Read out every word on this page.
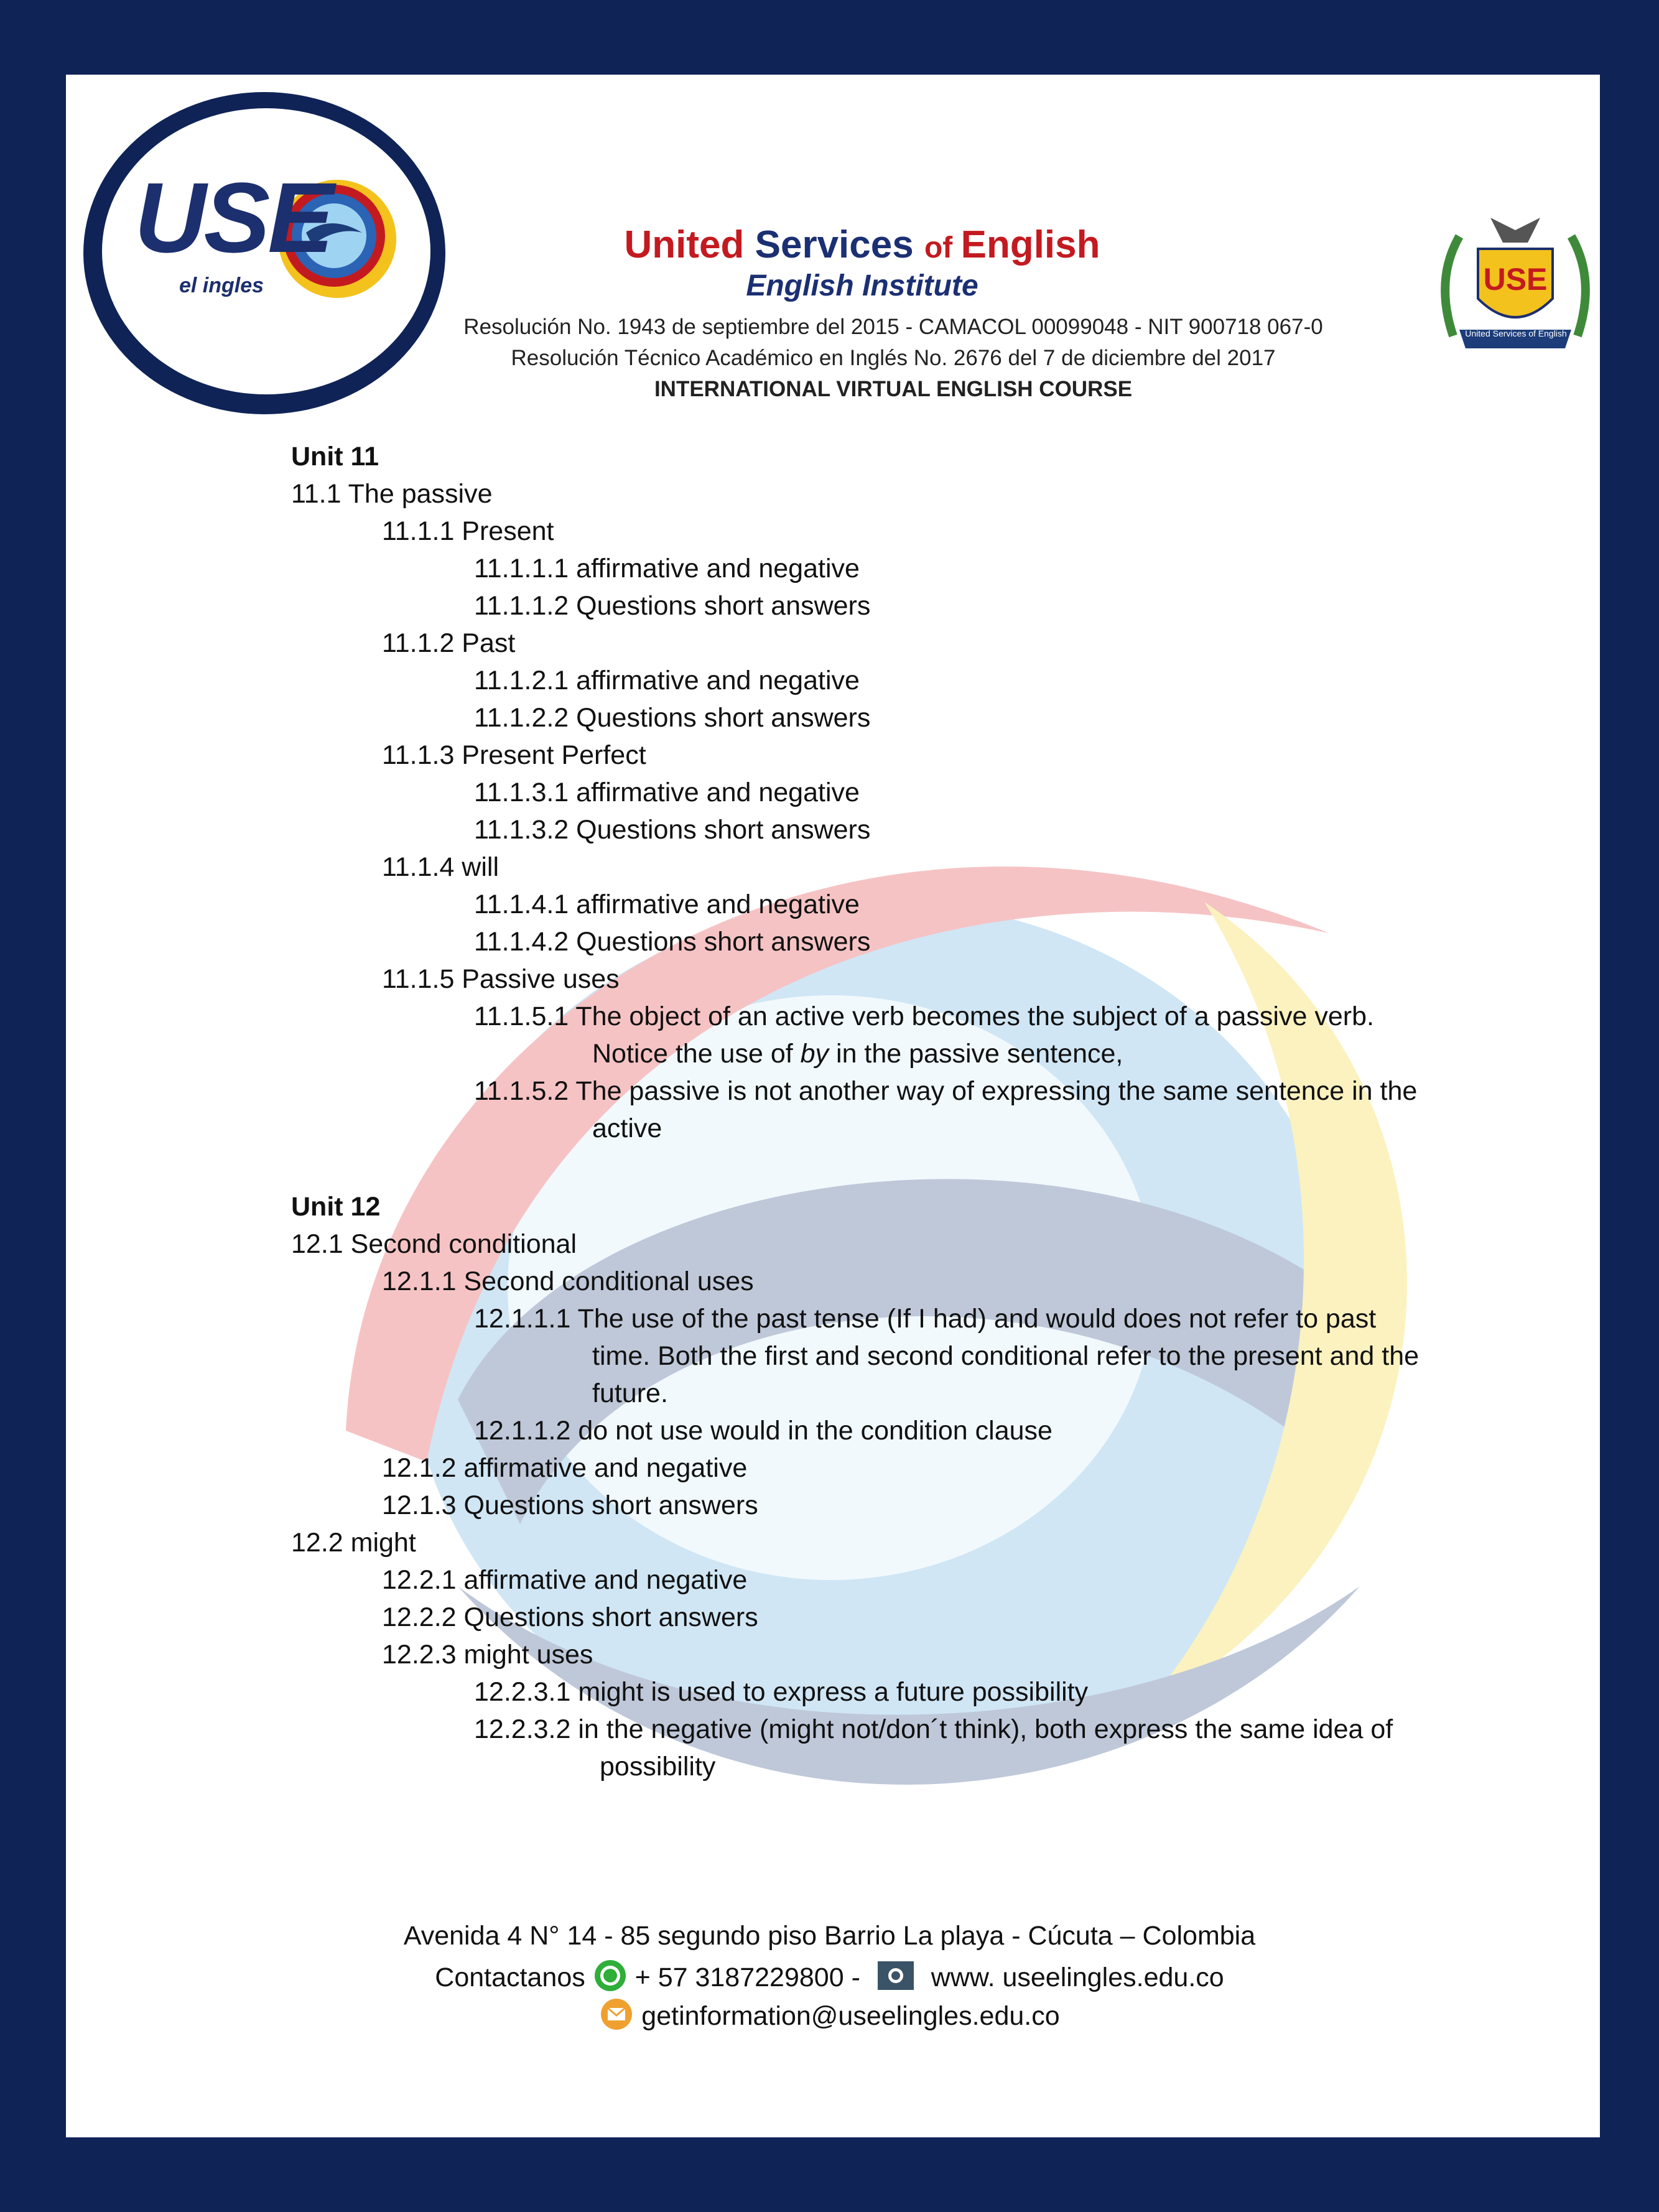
USE
el ingles
United Services of English
English Institute
Resolución No. 1943 de septiembre del 2015 - CAMACOL 00099048 - NIT 900718 067-0
Resolución Técnico Académico en Inglés No. 2676 del 7 de diciembre del 2017
INTERNATIONAL VIRTUAL ENGLISH COURSE
USE
United Services of English
Unit 11
11.1 The passive
11.1.1 Present
11.1.1.1 affirmative and negative
11.1.1.2 Questions short answers
11.1.2 Past
11.1.2.1 affirmative and negative
11.1.2.2 Questions short answers
11.1.3 Present Perfect
11.1.3.1 affirmative and negative
11.1.3.2 Questions short answers
11.1.4 will
11.1.4.1 affirmative and negative
11.1.4.2 Questions short answers
11.1.5 Passive uses
11.1.5.1 The object of an active verb becomes the subject of a passive verb.
Notice the use of by in the passive sentence,
11.1.5.2 The passive is not another way of expressing the same sentence in the
active
Unit 12
12.1 Second conditional
12.1.1 Second conditional uses
12.1.1.1 The use of the past tense (If I had) and would does not refer to past
time. Both the first and second conditional refer to the present and the
future.
12.1.1.2 do not use would in the condition clause
12.1.2 affirmative and negative
12.1.3 Questions short answers
12.2 might
12.2.1 affirmative and negative
12.2.2 Questions short answers
12.2.3 might uses
12.2.3.1 might is used to express a future possibility
12.2.3.2 in the negative (might not/don´t think), both express the same idea of
possibility
Avenida 4 N° 14 - 85 segundo piso Barrio La playa - Cúcuta – Colombia
Contactanos + 57 3187229800 -	www. useelingles.edu.co
getinformation@useelingles.edu.co
